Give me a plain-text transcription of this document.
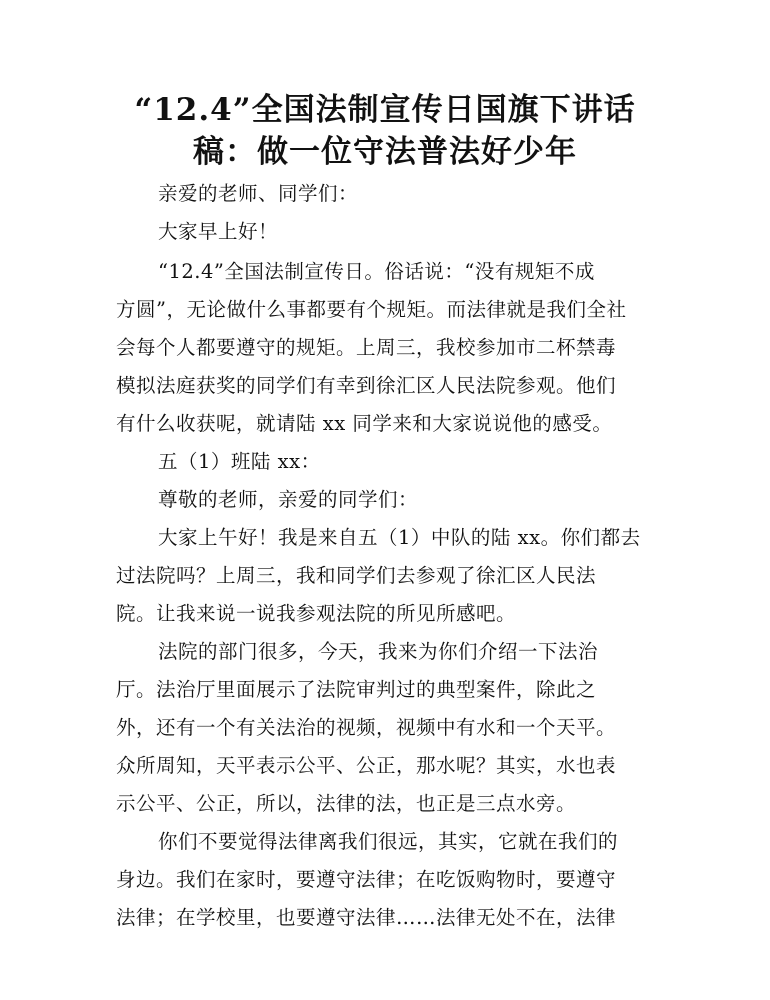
“12.4”全国法制宣传日国旗下讲话
稿：做一位守法普法好少年
亲爱的老师、同学们：
大家早上好！
“12.4”全国法制宣传日。俗话说：“没有规矩不成
方圆”，无论做什么事都要有个规矩。而法律就是我们全社
会每个人都要遵守的规矩。上周三，我校参加市二杯禁毒
模拟法庭获奖的同学们有幸到徐汇区人民法院参观。他们
有什么收获呢，就请陆 xx 同学来和大家说说他的感受。
五（1）班陆 xx：
尊敬的老师，亲爱的同学们：
大家上午好！我是来自五（1）中队的陆 xx。你们都去
过法院吗？上周三，我和同学们去参观了徐汇区人民法
院。让我来说一说我参观法院的所见所感吧。
法院的部门很多，今天，我来为你们介绍一下法治
厅。法治厅里面展示了法院审判过的典型案件，除此之
外，还有一个有关法治的视频，视频中有水和一个天平。
众所周知，天平表示公平、公正，那水呢？其实，水也表
示公平、公正，所以，法律的法，也正是三点水旁。
你们不要觉得法律离我们很远，其实，它就在我们的
身边。我们在家时，要遵守法律；在吃饭购物时，要遵守
法律；在学校里，也要遵守法律……法律无处不在，法律
